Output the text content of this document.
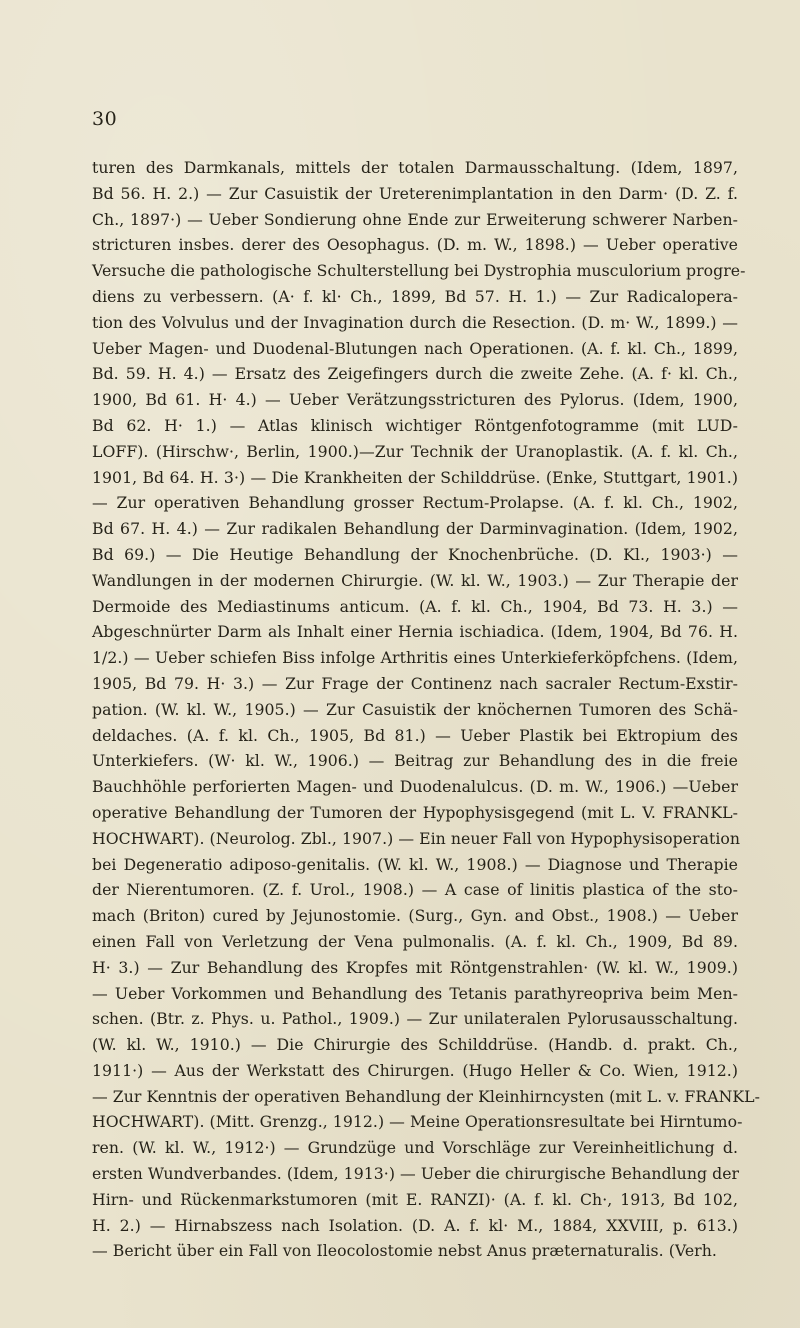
30
turen des Darmkanals, mittels der totalen Darmausschaltung. (Idem, 1897,
Bd 56. H. 2.) — Zur Casuistik der Ureterenimplantation in den Darm· (D. Z. f.
Ch., 1897·) — Ueber Sondierung ohne Ende zur Erweiterung schwerer Narben-
stricturen insbes. derer des Oesophagus. (D. m. W., 1898.) — Ueber operative
Versuche die pathologische Schulterstellung bei Dystrophia musculorium progre-
diens zu verbessern. (A· f. kl· Ch., 1899, Bd 57. H. 1.) — Zur Radicalopera-
tion des Volvulus und der Invagination durch die Resection. (D. m· W., 1899.) —
Ueber Magen- und Duodenal-Blutungen nach Operationen. (A. f. kl. Ch., 1899,
Bd. 59. H. 4.) — Ersatz des Zeigefingers durch die zweite Zehe. (A. f· kl. Ch.,
1900, Bd 61. H· 4.) — Ueber Verätzungsstricturen des Pylorus. (Idem, 1900,
Bd 62. H· 1.) — Atlas klinisch wichtiger Röntgenfotogramme (mit LUD-
LOFF). (Hirschw·, Berlin, 1900.)—Zur Technik der Uranoplastik. (A. f. kl. Ch.,
1901, Bd 64. H. 3·) — Die Krankheiten der Schilddrüse. (Enke, Stuttgart, 1901.)
— Zur operativen Behandlung grosser Rectum-Prolapse. (A. f. kl. Ch., 1902,
Bd 67. H. 4.) — Zur radikalen Behandlung der Darminvagination. (Idem, 1902,
Bd 69.) — Die Heutige Behandlung der Knochenbrüche. (D. Kl., 1903·) —
Wandlungen in der modernen Chirurgie. (W. kl. W., 1903.) — Zur Therapie der
Dermoide des Mediastinums anticum. (A. f. kl. Ch., 1904, Bd 73. H. 3.) —
Abgeschnürter Darm als Inhalt einer Hernia ischiadica. (Idem, 1904, Bd 76. H.
1/2.) — Ueber schiefen Biss infolge Arthritis eines Unterkieferköpfchens. (Idem,
1905, Bd 79. H· 3.) — Zur Frage der Continenz nach sacraler Rectum-Exstir-
pation. (W. kl. W., 1905.) — Zur Casuistik der knöchernen Tumoren des Schä-
deldaches. (A. f. kl. Ch., 1905, Bd 81.) — Ueber Plastik bei Ektropium des
Unterkiefers. (W· kl. W., 1906.) — Beitrag zur Behandlung des in die freie
Bauchhöhle perforierten Magen- und Duodenalulcus. (D. m. W., 1906.) —Ueber
operative Behandlung der Tumoren der Hypophysisgegend (mit L. V. FRANKL-
HOCHWART). (Neurolog. Zbl., 1907.) — Ein neuer Fall von Hypophysisoperation
bei Degeneratio adiposo-genitalis. (W. kl. W., 1908.) — Diagnose und Therapie
der Nierentumoren. (Z. f. Urol., 1908.) — A case of linitis plastica of the sto-
mach (Briton) cured by Jejunostomie. (Surg., Gyn. and Obst., 1908.) — Ueber
einen Fall von Verletzung der Vena pulmonalis. (A. f. kl. Ch., 1909, Bd 89.
H· 3.) — Zur Behandlung des Kropfes mit Röntgenstrahlen· (W. kl. W., 1909.)
— Ueber Vorkommen und Behandlung des Tetanis parathyreopriva beim Men-
schen. (Btr. z. Phys. u. Pathol., 1909.) — Zur unilateralen Pylorusausschaltung.
(W. kl. W., 1910.) — Die Chirurgie des Schilddrüse. (Handb. d. prakt. Ch.,
1911·) — Aus der Werkstatt des Chirurgen. (Hugo Heller & Co. Wien, 1912.)
— Zur Kenntnis der operativen Behandlung der Kleinhirncysten (mit L. v. FRANKL-
HOCHWART). (Mitt. Grenzg., 1912.) — Meine Operationsresultate bei Hirntumo-
ren. (W. kl. W., 1912·) — Grundzüge und Vorschläge zur Vereinheitlichung d.
ersten Wundverbandes. (Idem, 1913·) — Ueber die chirurgische Behandlung der
Hirn- und Rückenmarkstumoren (mit E. RANZI)· (A. f. kl. Ch·, 1913, Bd 102,
H. 2.) — Hirnabszess nach Isolation. (D. A. f. kl· M., 1884, XXVIII, p. 613.)
— Bericht über ein Fall von Ileocolostomie nebst Anus præternaturalis. (Verh.
